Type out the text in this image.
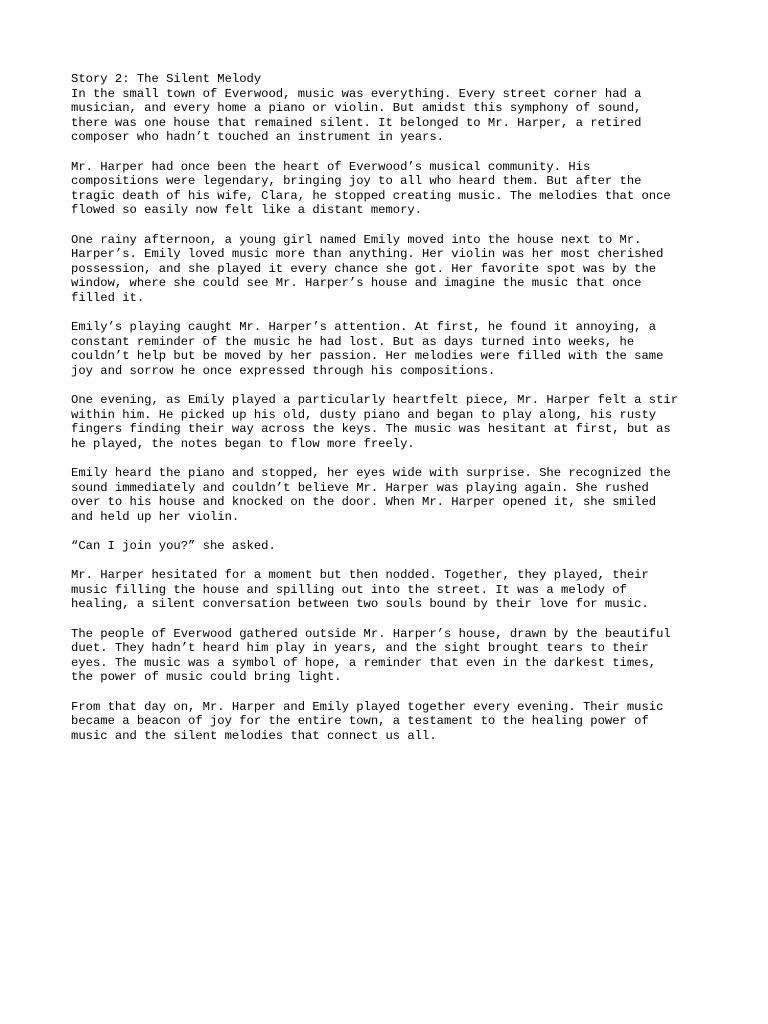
Story 2: The Silent Melody

In the small town of Everwood, music was everything. Every street corner had a
musician, and every home a piano or violin. But amidst this symphony of sound,
there was one house that remained silent. It belonged to Mr. Harper, a retired
composer who hadn’t touched an instrument in years.

Mr. Harper had once been the heart of Everwood’s musical community. His
compositions were legendary, bringing joy to all who heard them. But after the
tragic death of his wife, Clara, he stopped creating music. The melodies that once
flowed so easily now felt like a distant memory.

One rainy afternoon, a young girl named Emily moved into the house next to Mr.
Harper’s. Emily loved music more than anything. Her violin was her most cherished
possession, and she played it every chance she got. Her favorite spot was by the
window, where she could see Mr. Harper’s house and imagine the music that once
filled it.

Emily’s playing caught Mr. Harper’s attention. At first, he found it annoying, a
constant reminder of the music he had lost. But as days turned into weeks, he
couldn’t help but be moved by her passion. Her melodies were filled with the same
joy and sorrow he once expressed through his compositions.

One evening, as Emily played a particularly heartfelt piece, Mr. Harper felt a stir
within him. He picked up his old, dusty piano and began to play along, his rusty
fingers finding their way across the keys. The music was hesitant at first, but as
he played, the notes began to flow more freely.

Emily heard the piano and stopped, her eyes wide with surprise. She recognized the
sound immediately and couldn’t believe Mr. Harper was playing again. She rushed
over to his house and knocked on the door. When Mr. Harper opened it, she smiled
and held up her violin.

“Can I join you?” she asked.

Mr. Harper hesitated for a moment but then nodded. Together, they played, their
music filling the house and spilling out into the street. It was a melody of
healing, a silent conversation between two souls bound by their love for music.

The people of Everwood gathered outside Mr. Harper’s house, drawn by the beautiful
duet. They hadn’t heard him play in years, and the sight brought tears to their
eyes. The music was a symbol of hope, a reminder that even in the darkest times,
the power of music could bring light.

From that day on, Mr. Harper and Emily played together every evening. Their music
became a beacon of joy for the entire town, a testament to the healing power of
music and the silent melodies that connect us all.
